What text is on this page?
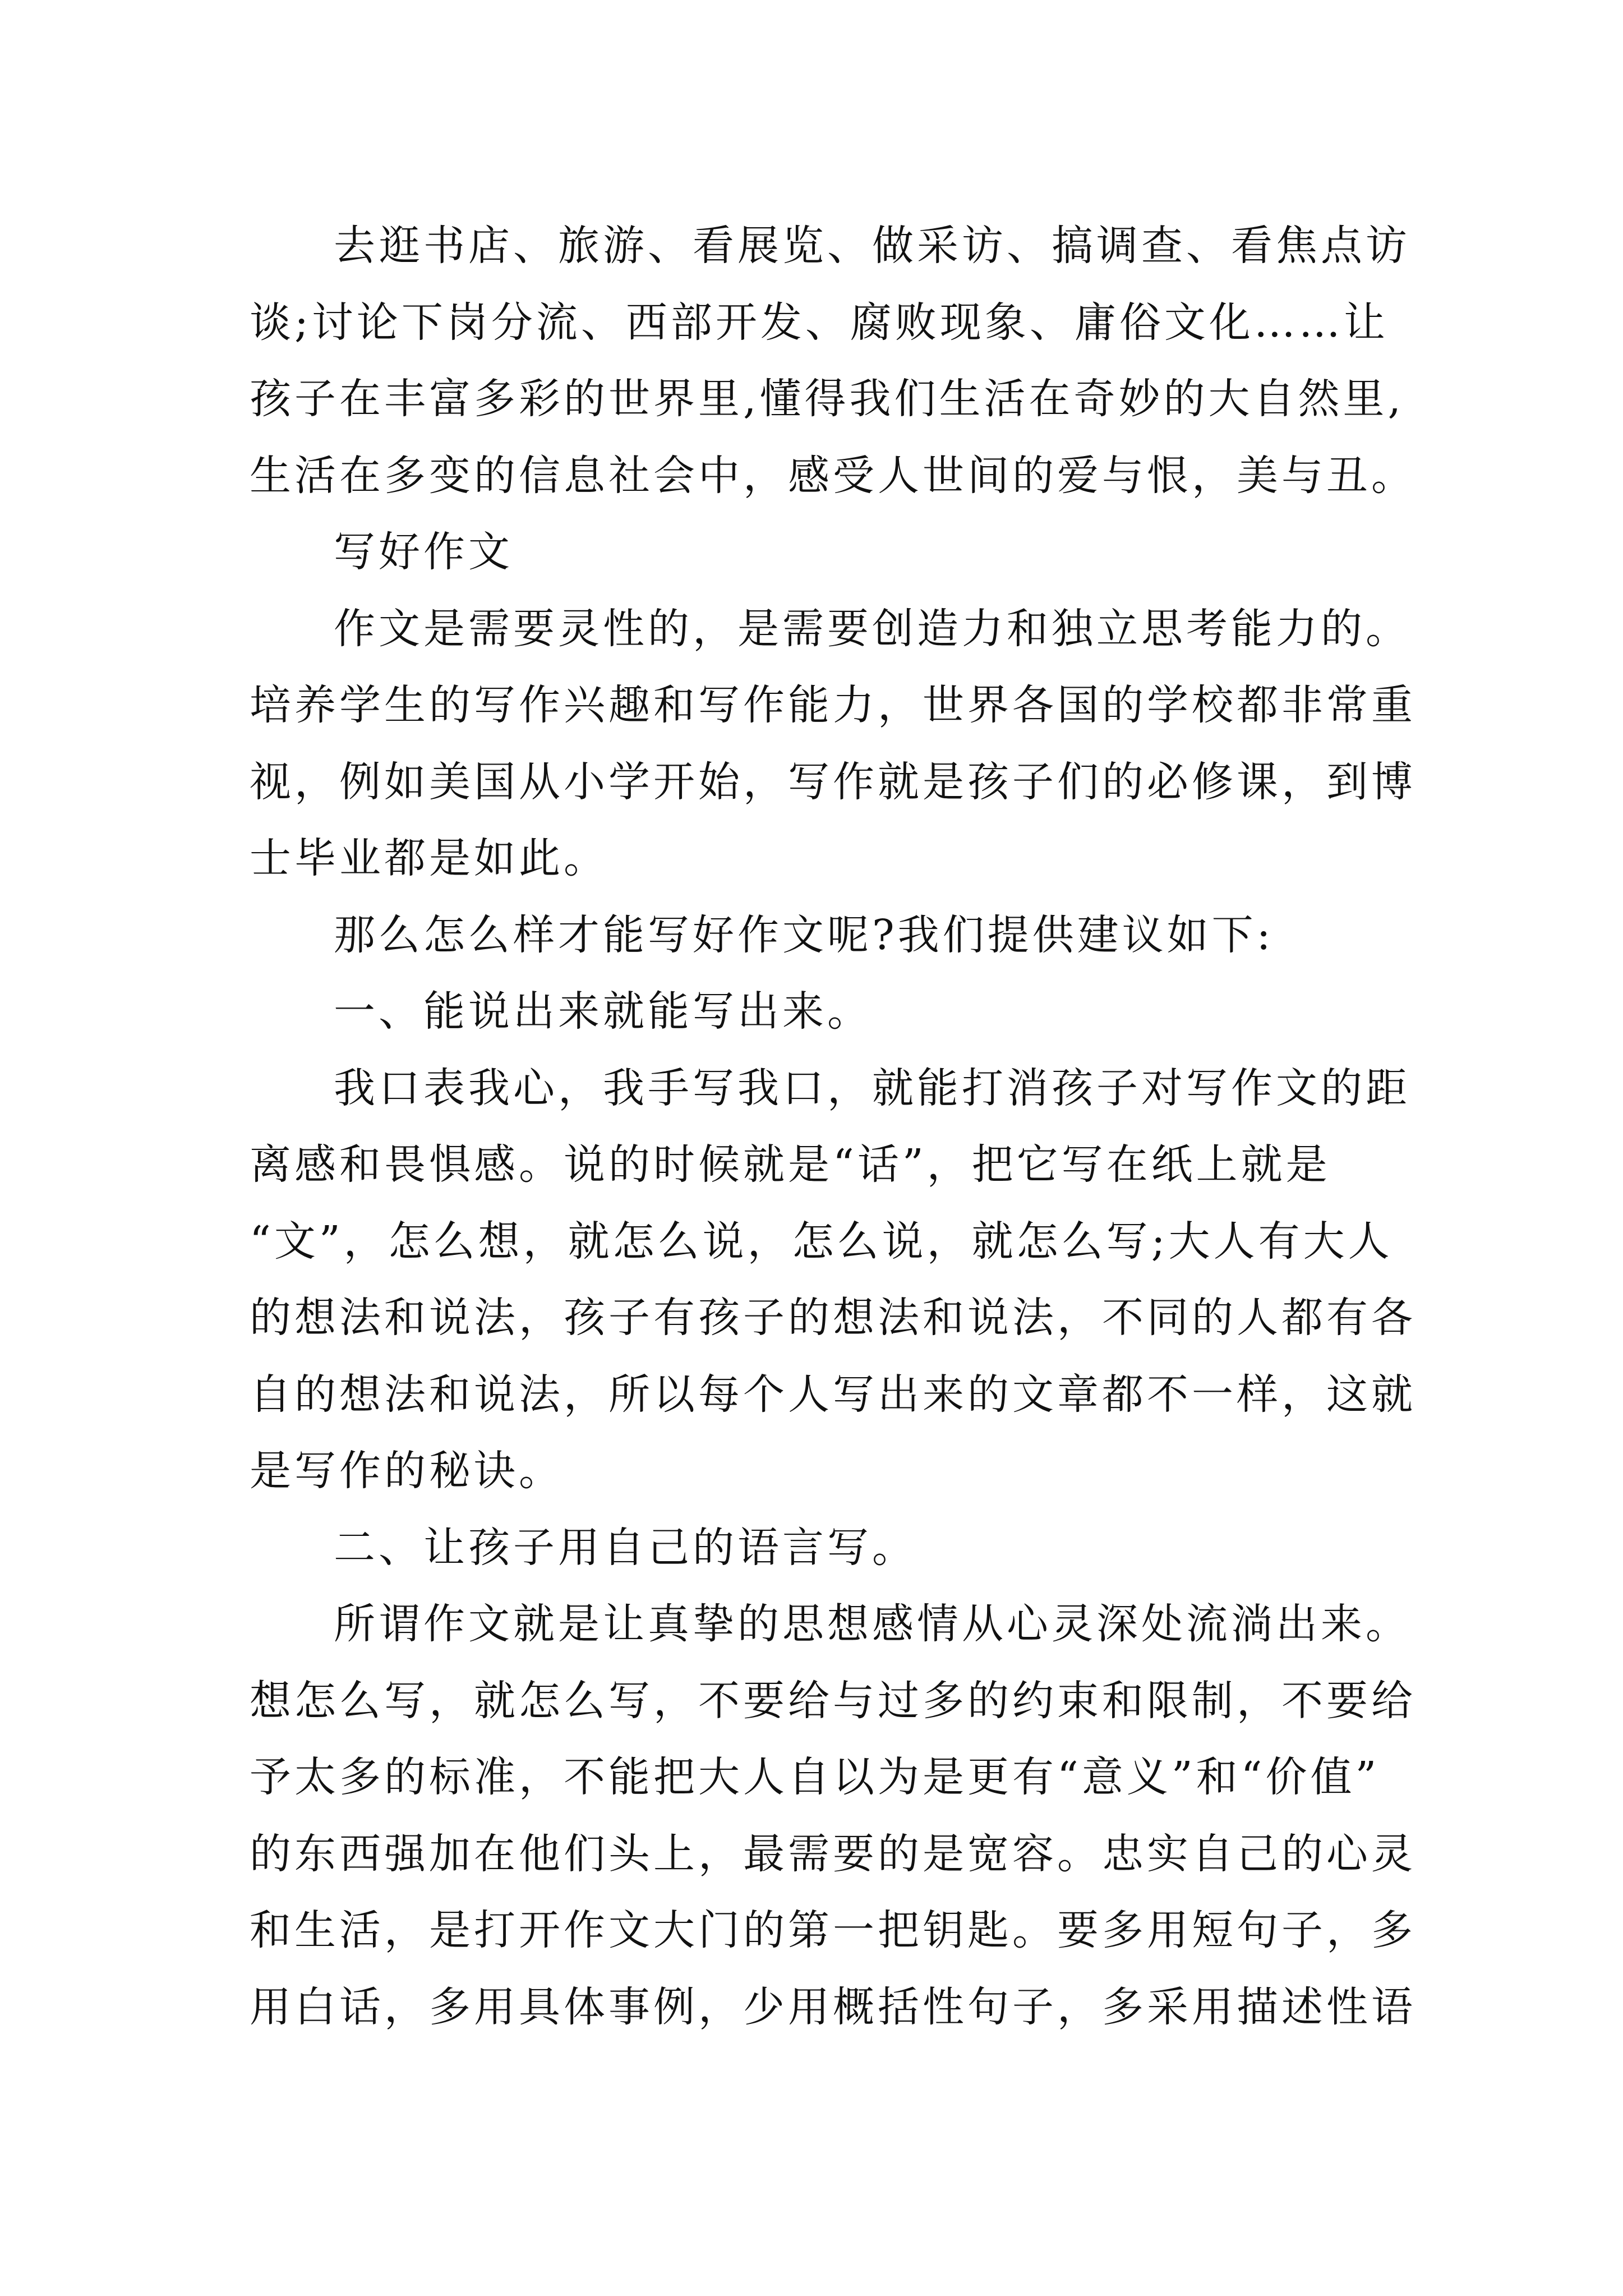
去逛书店、旅游、看展览、做采访、搞调查、看焦点访
谈;讨论下岗分流、西部开发、腐败现象、庸俗文化……让
孩子在丰富多彩的世界里,懂得我们生活在奇妙的大自然里,
生活在多变的信息社会中，感受人世间的爱与恨，美与丑。
写好作文
作文是需要灵性的，是需要创造力和独立思考能力的。
培养学生的写作兴趣和写作能力，世界各国的学校都非常重
视，例如美国从小学开始，写作就是孩子们的必修课，到博
士毕业都是如此。
那么怎么样才能写好作文呢?我们提供建议如下:
一、能说出来就能写出来。
我口表我心，我手写我口，就能打消孩子对写作文的距
离感和畏惧感。说的时候就是“话”，把它写在纸上就是
“文”，怎么想，就怎么说，怎么说，就怎么写;大人有大人
的想法和说法，孩子有孩子的想法和说法，不同的人都有各
自的想法和说法，所以每个人写出来的文章都不一样，这就
是写作的秘诀。
二、让孩子用自己的语言写。
所谓作文就是让真挚的思想感情从心灵深处流淌出来。
想怎么写，就怎么写，不要给与过多的约束和限制，不要给
予太多的标准，不能把大人自以为是更有“意义”和“价值”
的东西强加在他们头上，最需要的是宽容。忠实自己的心灵
和生活，是打开作文大门的第一把钥匙。要多用短句子，多
用白话，多用具体事例，少用概括性句子，多采用描述性语
